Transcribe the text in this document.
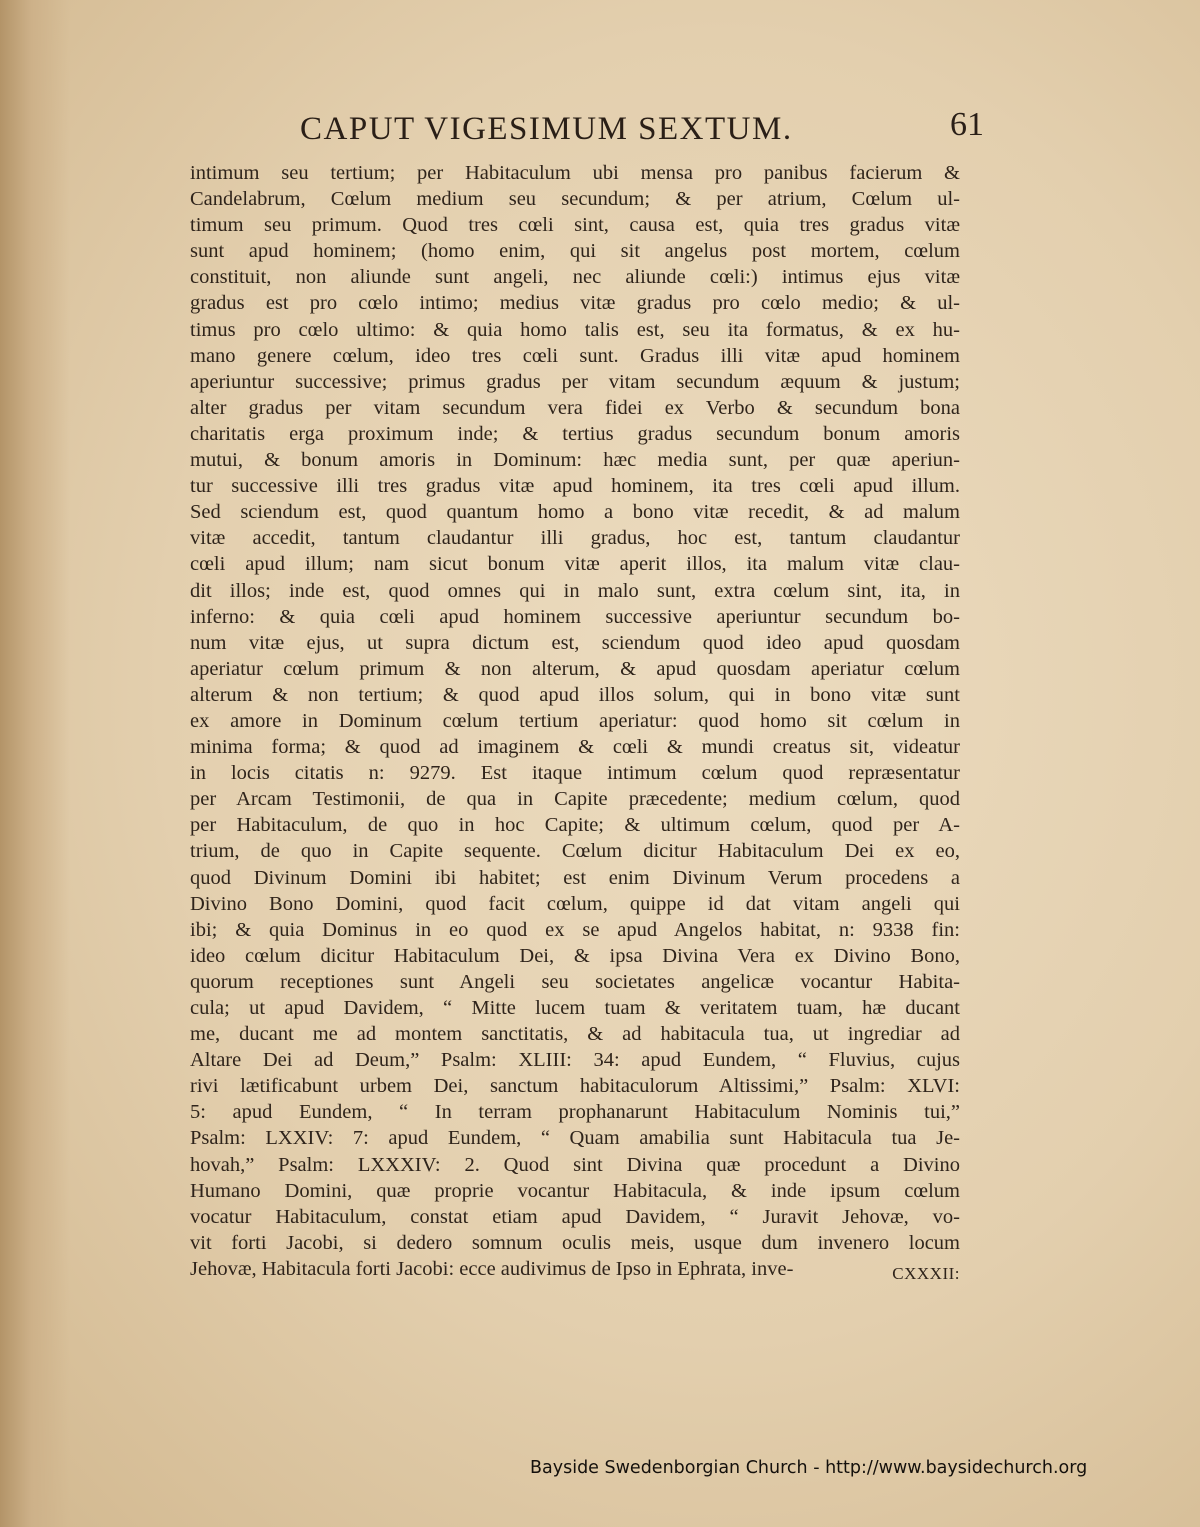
CAPUT VIGESIMUM SEXTUM.	61
intimum seu tertium; per Habitaculum ubi mensa pro panibus facierum &
Candelabrum, Cœlum medium seu secundum; & per atrium, Cœlum ul-
timum seu primum. Quod tres cœli sint, causa est, quia tres gradus vitæ
sunt apud hominem; (homo enim, qui sit angelus post mortem, cœlum
constituit, non aliunde sunt angeli, nec aliunde cœli:) intimus ejus vitæ
gradus est pro cœlo intimo; medius vitæ gradus pro cœlo medio; & ul-
timus pro cœlo ultimo: & quia homo talis est, seu ita formatus, & ex hu-
mano genere cœlum, ideo tres cœli sunt. Gradus illi vitæ apud hominem
aperiuntur successive; primus gradus per vitam secundum æquum & justum;
alter gradus per vitam secundum vera fidei ex Verbo & secundum bona
charitatis erga proximum inde; & tertius gradus secundum bonum amoris
mutui, & bonum amoris in Dominum: hæc media sunt, per quæ aperiun-
tur successive illi tres gradus vitæ apud hominem, ita tres cœli apud illum.
Sed sciendum est, quod quantum homo a bono vitæ recedit, & ad malum
vitæ accedit, tantum claudantur illi gradus, hoc est, tantum claudantur
cœli apud illum; nam sicut bonum vitæ aperit illos, ita malum vitæ clau-
dit illos; inde est, quod omnes qui in malo sunt, extra cœlum sint, ita, in
inferno: & quia cœli apud hominem successive aperiuntur secundum bo-
num vitæ ejus, ut supra dictum est, sciendum quod ideo apud quosdam
aperiatur cœlum primum & non alterum, & apud quosdam aperiatur cœlum
alterum & non tertium; & quod apud illos solum, qui in bono vitæ sunt
ex amore in Dominum cœlum tertium aperiatur: quod homo sit cœlum in
minima forma; & quod ad imaginem & cœli & mundi creatus sit, videatur
in locis citatis n: 9279. Est itaque intimum cœlum quod repræsentatur
per Arcam Testimonii, de qua in Capite præcedente; medium cœlum, quod
per Habitaculum, de quo in hoc Capite; & ultimum cœlum, quod per A-
trium, de quo in Capite sequente. Cœlum dicitur Habitaculum Dei ex eo,
quod Divinum Domini ibi habitet; est enim Divinum Verum procedens a
Divino Bono Domini, quod facit cœlum, quippe id dat vitam angeli qui
ibi; & quia Dominus in eo quod ex se apud Angelos habitat, n: 9338 fin:
ideo cœlum dicitur Habitaculum Dei, & ipsa Divina Vera ex Divino Bono,
quorum receptiones sunt Angeli seu societates angelicæ vocantur Habita-
cula; ut apud Davidem, “ Mitte lucem tuam & veritatem tuam, hæ ducant
me, ducant me ad montem sanctitatis, & ad habitacula tua, ut ingrediar ad
Altare Dei ad Deum,” Psalm: XLIII: 34: apud Eundem, “ Fluvius, cujus
rivi lætificabunt urbem Dei, sanctum habitaculorum Altissimi,” Psalm: XLVI:
5: apud Eundem, “ In terram prophanarunt Habitaculum Nominis tui,”
Psalm: LXXIV: 7: apud Eundem, “ Quam amabilia sunt Habitacula tua Je-
hovah,” Psalm: LXXXIV: 2. Quod sint Divina quæ procedunt a Divino
Humano Domini, quæ proprie vocantur Habitacula, & inde ipsum cœlum
vocatur Habitaculum, constat etiam apud Davidem, “ Juravit Jehovæ, vo-
vit forti Jacobi, si dedero somnum oculis meis, usque dum invenero locum
Jehovæ, Habitacula forti Jacobi: ecce audivimus de Ipso in Ephrata, inve-	CXXXII:
Bayside Swedenborgian Church - http://www.baysidechurch.org
